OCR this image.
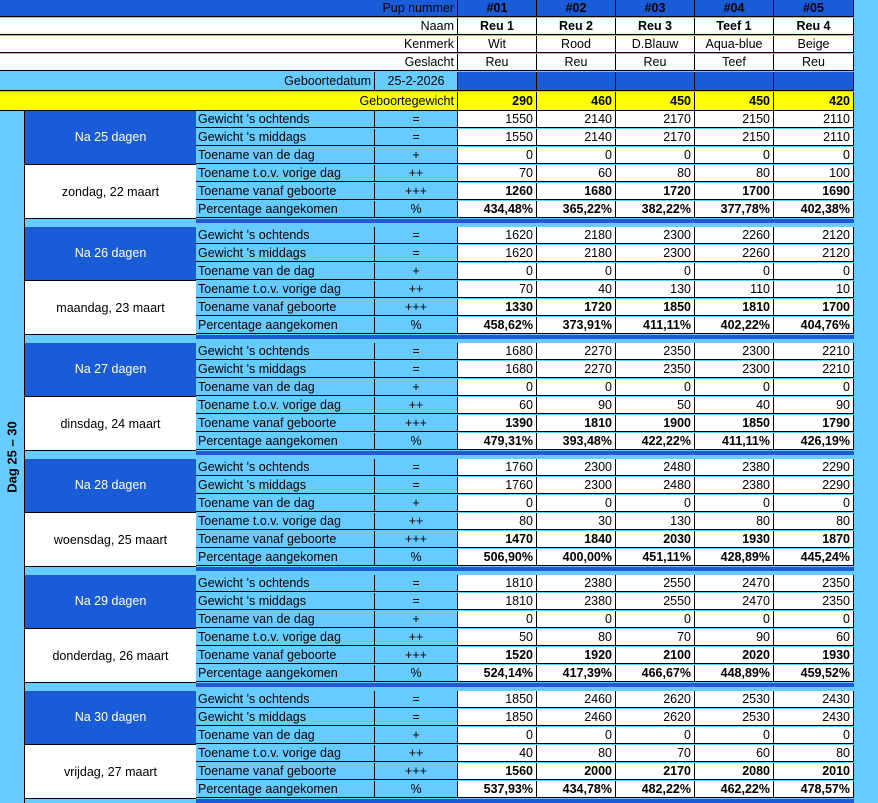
Pup nummer	#01	#02	#03	#04	#05
Naam	Reu 1	Reu 2	Reu 3	Teef 1	Reu 4
Kenmerk	Wit	Rood	D.Blauw	Aqua-blue	Beige
Geslacht	Reu	Reu	Reu	Teef	Reu
Geboortedatum	25-2-2026
Geboortegewicht	290	460	450	450	420
Dag 25 – 30
Na 25 dagen
zondag, 22 maart
Gewicht 's ochtends	=	1550	2140	2170	2150	2110
Gewicht 's middags	=	1550	2140	2170	2150	2110
Toename van de dag	+	0	0	0	0	0
Toename t.o.v. vorige dag	++	70	60	80	80	100
Toename vanaf geboorte	+++	1260	1680	1720	1700	1690
Percentage aangekomen	%	434,48%	365,22%	382,22%	377,78%	402,38%
Na 26 dagen
maandag, 23 maart
Gewicht 's ochtends	=	1620	2180	2300	2260	2120
Gewicht 's middags	=	1620	2180	2300	2260	2120
Toename van de dag	+	0	0	0	0	0
Toename t.o.v. vorige dag	++	70	40	130	110	10
Toename vanaf geboorte	+++	1330	1720	1850	1810	1700
Percentage aangekomen	%	458,62%	373,91%	411,11%	402,22%	404,76%
Na 27 dagen
dinsdag, 24 maart
Gewicht 's ochtends	=	1680	2270	2350	2300	2210
Gewicht 's middags	=	1680	2270	2350	2300	2210
Toename van de dag	+	0	0	0	0	0
Toename t.o.v. vorige dag	++	60	90	50	40	90
Toename vanaf geboorte	+++	1390	1810	1900	1850	1790
Percentage aangekomen	%	479,31%	393,48%	422,22%	411,11%	426,19%
Na 28 dagen
woensdag, 25 maart
Gewicht 's ochtends	=	1760	2300	2480	2380	2290
Gewicht 's middags	=	1760	2300	2480	2380	2290
Toename van de dag	+	0	0	0	0	0
Toename t.o.v. vorige dag	++	80	30	130	80	80
Toename vanaf geboorte	+++	1470	1840	2030	1930	1870
Percentage aangekomen	%	506,90%	400,00%	451,11%	428,89%	445,24%
Na 29 dagen
donderdag, 26 maart
Gewicht 's ochtends	=	1810	2380	2550	2470	2350
Gewicht 's middags	=	1810	2380	2550	2470	2350
Toename van de dag	+	0	0	0	0	0
Toename t.o.v. vorige dag	++	50	80	70	90	60
Toename vanaf geboorte	+++	1520	1920	2100	2020	1930
Percentage aangekomen	%	524,14%	417,39%	466,67%	448,89%	459,52%
Na 30 dagen
vrijdag, 27 maart
Gewicht 's ochtends	=	1850	2460	2620	2530	2430
Gewicht 's middags	=	1850	2460	2620	2530	2430
Toename van de dag	+	0	0	0	0	0
Toename t.o.v. vorige dag	++	40	80	70	60	80
Toename vanaf geboorte	+++	1560	2000	2170	2080	2010
Percentage aangekomen	%	537,93%	434,78%	482,22%	462,22%	478,57%
